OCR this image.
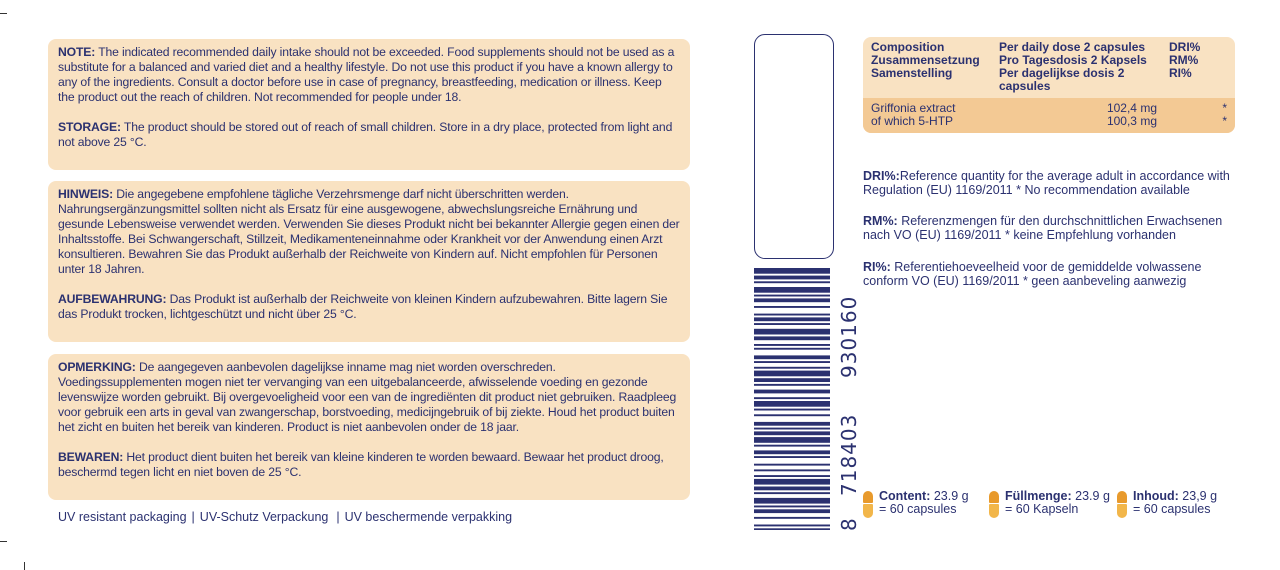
NOTE: The indicated recommended daily intake should not be exceeded. Food supplements should not be used as a substitute for a balanced and varied diet and a healthy lifestyle. Do not use this product if you have a known allergy to any of the ingredients. Consult a doctor before use in case of pregnancy, breastfeeding, medication or illness. Keep the product out the reach of children. Not recommended for people under 18.

STORAGE: The product should be stored out of reach of small children. Store in a dry place, protected from light and not above 25 °C.

HINWEIS: Die angegebene empfohlene tägliche Verzehrsmenge darf nicht überschritten werden. Nahrungsergänzungsmittel sollten nicht als Ersatz für eine ausgewogene, abwechslungsreiche Ernährung und gesunde Lebensweise verwendet werden. Verwenden Sie dieses Produkt nicht bei bekannter Allergie gegen einen der Inhaltsstoffe. Bei Schwangerschaft, Stillzeit, Medikamenteneinnahme oder Krankheit vor der Anwendung einen Arzt konsultieren. Bewahren Sie das Produkt außerhalb der Reichweite von Kindern auf. Nicht empfohlen für Personen unter 18 Jahren.

AUFBEWAHRUNG: Das Produkt ist außerhalb der Reichweite von kleinen Kindern aufzubewahren. Bitte lagern Sie das Produkt trocken, lichtgeschützt und nicht über 25 °C.

OPMERKING: De aangegeven aanbevolen dagelijkse inname mag niet worden overschreden. Voedingssupplementen mogen niet ter vervanging van een uitgebalanceerde, afwisselende voeding en gezonde levenswijze worden gebruikt. Bij overgevoeligheid voor een van de ingrediënten dit product niet gebruiken. Raadpleeg voor gebruik een arts in geval van zwangerschap, borstvoeding, medicijngebruik of bij ziekte. Houd het product buiten het zicht en buiten het bereik van kinderen. Product is niet aanbevolen onder de 18 jaar.

BEWAREN: Het product dient buiten het bereik van kleine kinderen te worden bewaard. Bewaar het product droog, beschermd tegen licht en niet boven de 25 °C.

UV resistant packaging | UV-Schutz Verpackung | UV beschermende verpakking
8
718403
930160
Composition
Zusammensetzung
Samenstelling
Per daily dose 2 capsules
Pro Tagesdosis 2 Kapsels
Per dagelijkse dosis 2 capsules
DRI%
RM%
RI%
Griffonia extract
of which 5-HTP
102,4 mg
100,3 mg
*
*
DRI%:Reference quantity for the average adult in accordance with Regulation (EU) 1169/2011 * No recommendation available
RM%: Referenzmengen für den durchschnittlichen Erwachsenen nach VO (EU) 1169/2011 * keine Empfehlung vorhanden
RI%: Referentiehoeveelheid voor de gemiddelde volwassene conform VO (EU) 1169/2011 * geen aanbeveling aanwezig
Content: 23.9 g
= 60 capsules
Füllmenge: 23.9 g
= 60 Kapseln
Inhoud: 23,9 g
= 60 capsules
